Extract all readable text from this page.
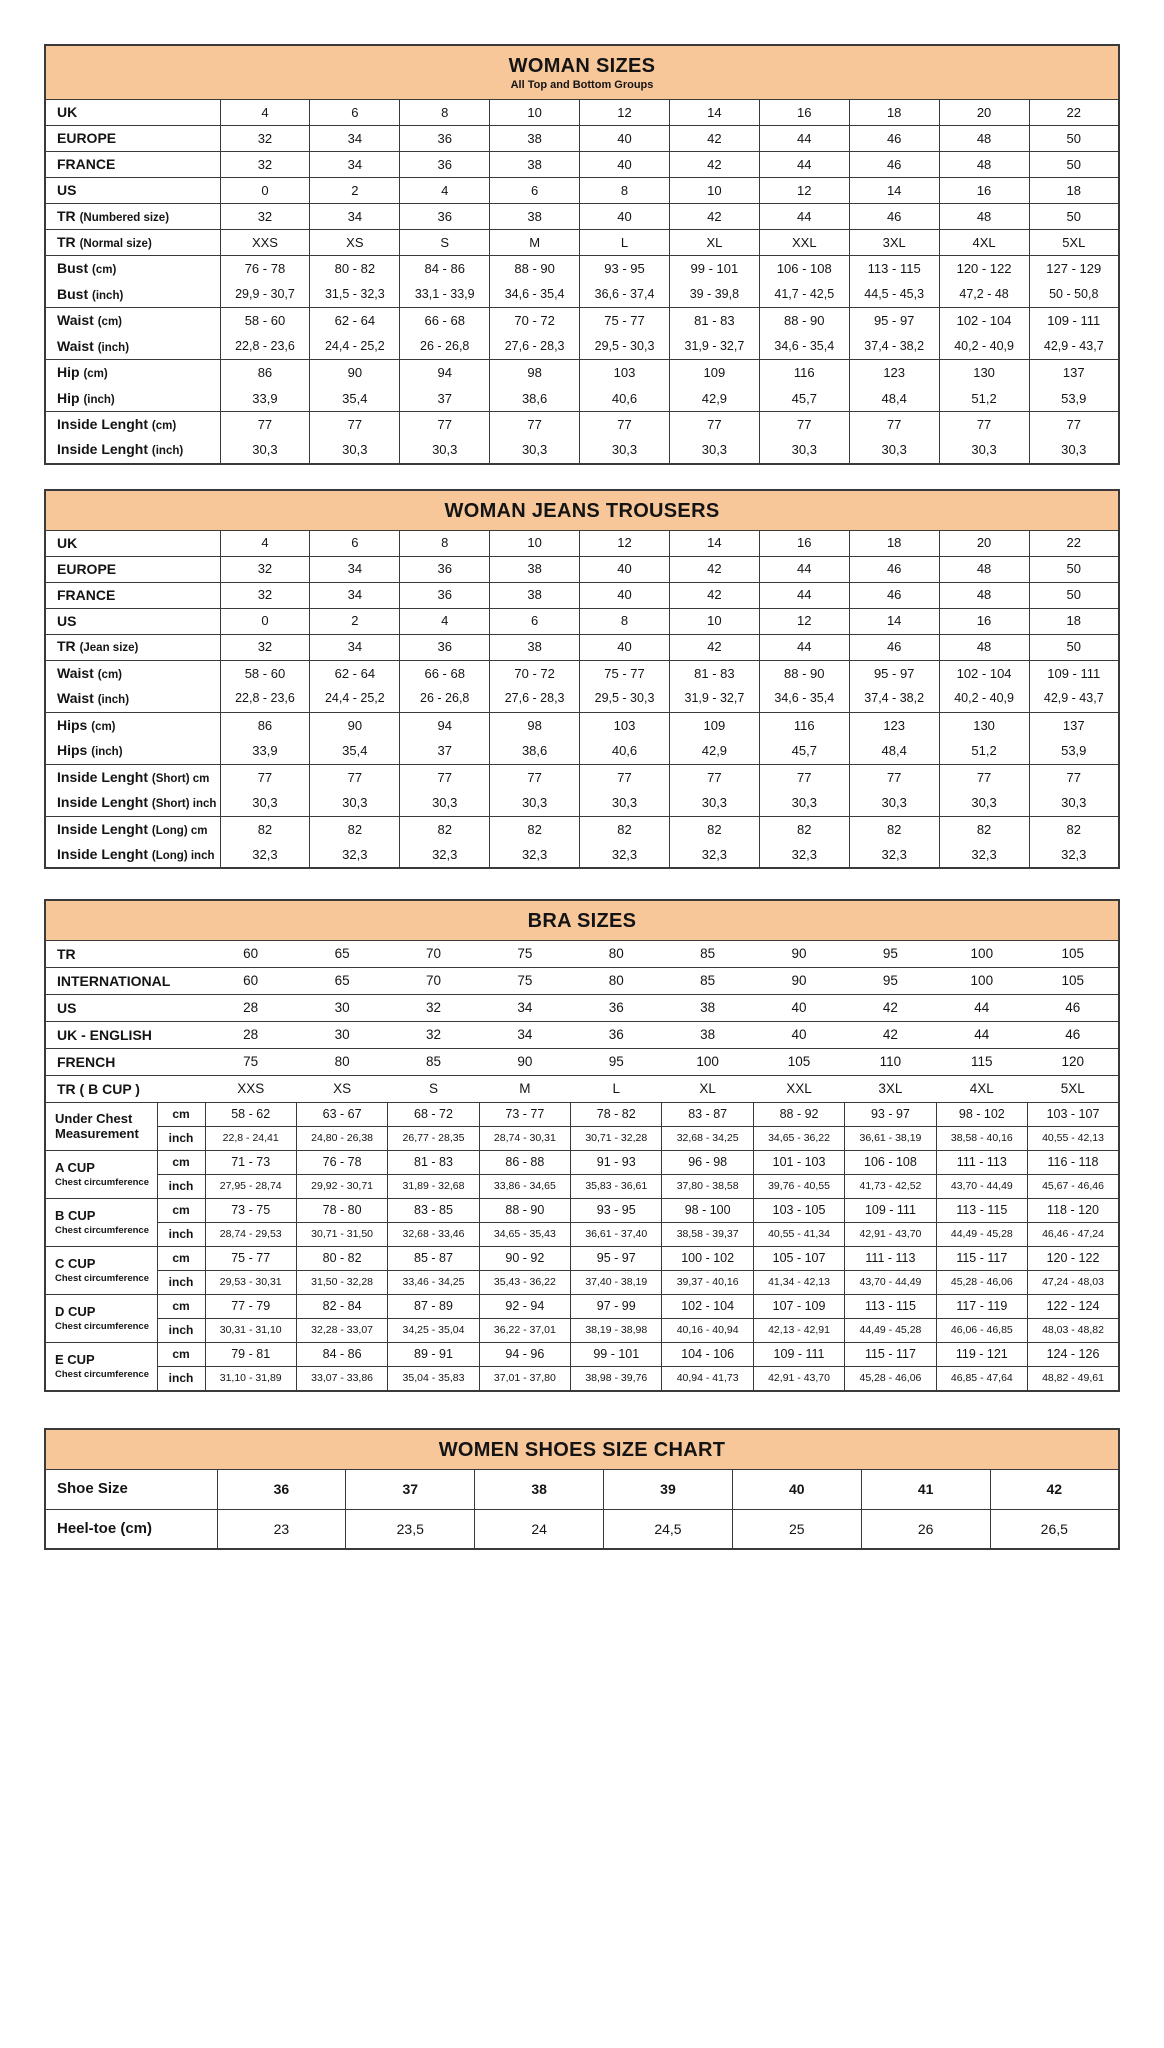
WOMAN SIZES
All Top and Bottom Groups										

UK	4	6	8	10	12	14	16	18	20	22
EUROPE	32	34	36	38	40	42	44	46	48	50
FRANCE	32	34	36	38	40	42	44	46	48	50
US	0	2	4	6	8	10	12	14	16	18
TR (Numbered size)	32	34	36	38	40	42	44	46	48	50
TR (Normal size)	XXS	XS	S	M	L	XL	XXL	3XL	4XL	5XL
Bust (cm)	76 - 78	80 - 82	84 - 86	88 - 90	93 - 95	99 - 101	106 - 108	113 - 115	120 - 122	127 - 129
Bust (inch)	29,9 - 30,7	31,5 - 32,3	33,1 - 33,9	34,6 - 35,4	36,6 - 37,4	39 - 39,8	41,7 - 42,5	44,5 - 45,3	47,2 - 48	50 - 50,8
Waist (cm)	58 - 60	62 - 64	66 - 68	70 - 72	75 - 77	81 - 83	88 - 90	95 - 97	102 - 104	109 - 111
Waist (inch)	22,8 - 23,6	24,4 - 25,2	26 - 26,8	27,6 - 28,3	29,5 - 30,3	31,9 - 32,7	34,6 - 35,4	37,4 - 38,2	40,2 - 40,9	42,9 - 43,7
Hip (cm)	86	90	94	98	103	109	116	123	130	137
Hip (inch)	33,9	35,4	37	38,6	40,6	42,9	45,7	48,4	51,2	53,9
Inside Lenght (cm)	77	77	77	77	77	77	77	77	77	77
Inside Lenght (inch)	30,3	30,3	30,3	30,3	30,3	30,3	30,3	30,3	30,3	30,3
WOMAN JEANS TROUSERS										

UK	4	6	8	10	12	14	16	18	20	22
EUROPE	32	34	36	38	40	42	44	46	48	50
FRANCE	32	34	36	38	40	42	44	46	48	50
US	0	2	4	6	8	10	12	14	16	18
TR (Jean size)	32	34	36	38	40	42	44	46	48	50
Waist (cm)	58 - 60	62 - 64	66 - 68	70 - 72	75 - 77	81 - 83	88 - 90	95 - 97	102 - 104	109 - 111
Waist (inch)	22,8 - 23,6	24,4 - 25,2	26 - 26,8	27,6 - 28,3	29,5 - 30,3	31,9 - 32,7	34,6 - 35,4	37,4 - 38,2	40,2 - 40,9	42,9 - 43,7
Hips (cm)	86	90	94	98	103	109	116	123	130	137
Hips (inch)	33,9	35,4	37	38,6	40,6	42,9	45,7	48,4	51,2	53,9
Inside Lenght (Short) cm	77	77	77	77	77	77	77	77	77	77
Inside Lenght (Short) inch	30,3	30,3	30,3	30,3	30,3	30,3	30,3	30,3	30,3	30,3
Inside Lenght (Long) cm	82	82	82	82	82	82	82	82	82	82
Inside Lenght (Long) inch	32,3	32,3	32,3	32,3	32,3	32,3	32,3	32,3	32,3	32,3
BRA SIZES											

TR		60	65	70	75	80	85	90	95	100	105
INTERNATIONAL		60	65	70	75	80	85	90	95	100	105
US		28	30	32	34	36	38	40	42	44	46
UK - ENGLISH		28	30	32	34	36	38	40	42	44	46
FRENCH		75	80	85	90	95	100	105	110	115	120
TR ( B CUP )		XXS	XS	S	M	L	XL	XXL	3XL	4XL	5XL

Under Chest Measurement	cm	58 - 62	63 - 67	68 - 72	73 - 77	78 - 82	83 - 87	88 - 92	93 - 97	98 - 102	103 - 107
	inch	22,8 - 24,41	24,80 - 26,38	26,77 - 28,35	28,74 - 30,31	30,71 - 32,28	32,68 - 34,25	34,65 - 36,22	36,61 - 38,19	38,58 - 40,16	40,55 - 42,13

A CUP
Chest circumference	cm	71 - 73	76 - 78	81 - 83	86 - 88	91 - 93	96 - 98	101 - 103	106 - 108	111 - 113	116 - 118
	inch	27,95 - 28,74	29,92 - 30,71	31,89 - 32,68	33,86 - 34,65	35,83 - 36,61	37,80 - 38,58	39,76 - 40,55	41,73 - 42,52	43,70 - 44,49	45,67 - 46,46

B CUP
Chest circumference	cm	73 - 75	78 - 80	83 - 85	88 - 90	93 - 95	98 - 100	103 - 105	109 - 111	113 - 115	118 - 120
	inch	28,74 - 29,53	30,71 - 31,50	32,68 - 33,46	34,65 - 35,43	36,61 - 37,40	38,58 - 39,37	40,55 - 41,34	42,91 - 43,70	44,49 - 45,28	46,46 - 47,24

C CUP
Chest circumference	cm	75 - 77	80 - 82	85 - 87	90 - 92	95 - 97	100 - 102	105 - 107	111 - 113	115 - 117	120 - 122
	inch	29,53 - 30,31	31,50 - 32,28	33,46 - 34,25	35,43 - 36,22	37,40 - 38,19	39,37 - 40,16	41,34 - 42,13	43,70 - 44,49	45,28 - 46,06	47,24 - 48,03

D CUP
Chest circumference	cm	77 - 79	82 - 84	87 - 89	92 - 94	97 - 99	102 - 104	107 - 109	113 - 115	117 - 119	122 - 124
	inch	30,31 - 31,10	32,28 - 33,07	34,25 - 35,04	36,22 - 37,01	38,19 - 38,98	40,16 - 40,94	42,13 - 42,91	44,49 - 45,28	46,06 - 46,85	48,03 - 48,82

E CUP
Chest circumference	cm	79 - 81	84 - 86	89 - 91	94 - 96	99 - 101	104 - 106	109 - 111	115 - 117	119 - 121	124 - 126
	inch	31,10 - 31,89	33,07 - 33,86	35,04 - 35,83	37,01 - 37,80	38,98 - 39,76	40,94 - 41,73	42,91 - 43,70	45,28 - 46,06	46,85 - 47,64	48,82 - 49,61
WOMEN SHOES SIZE CHART							

Shoe Size	36	37	38	39	40	41	42
Heel-toe (cm)	23	23,5	24	24,5	25	26	26,5
